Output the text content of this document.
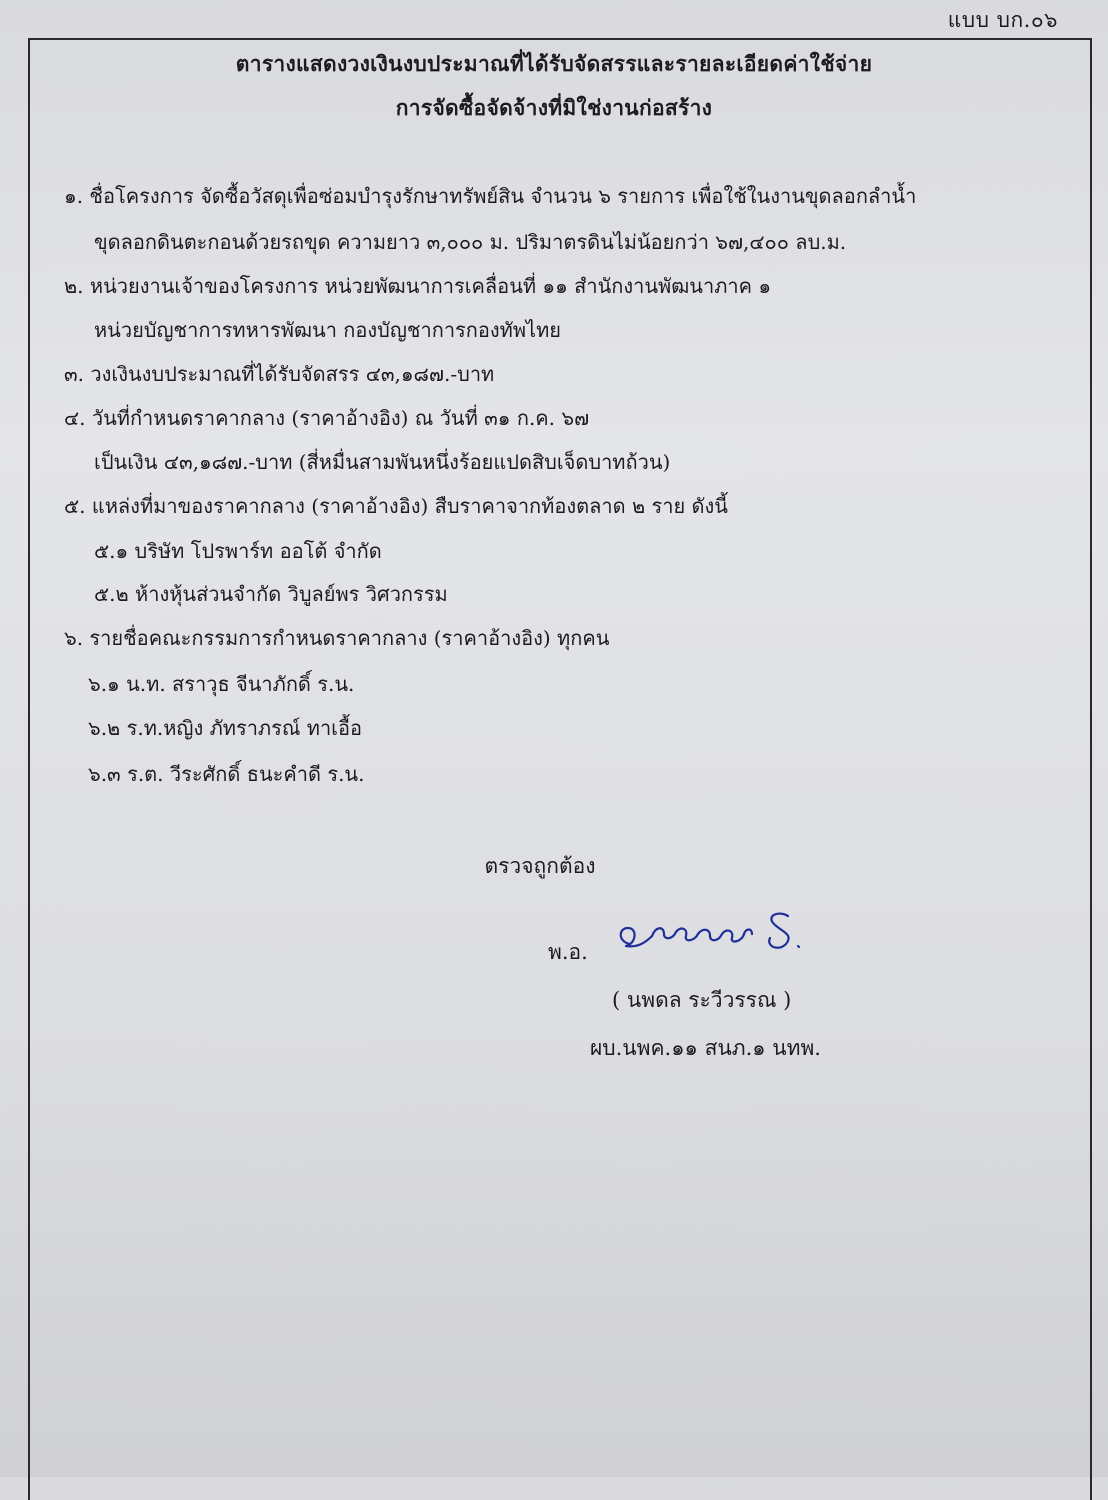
แบบ บก.๐๖
ตารางแสดงวงเงินงบประมาณที่ได้รับจัดสรรและรายละเอียดค่าใช้จ่าย
การจัดซื้อจัดจ้างที่มิใช่งานก่อสร้าง
๑. ชื่อโครงการ จัดซื้อวัสดุเพื่อซ่อมบำรุงรักษาทรัพย์สิน จำนวน ๖ รายการ เพื่อใช้ในงานขุดลอกลำน้ำ
ขุดลอกดินตะกอนด้วยรถขุด ความยาว ๓,๐๐๐ ม. ปริมาตรดินไม่น้อยกว่า ๖๗,๔๐๐ ลบ.ม.
๒. หน่วยงานเจ้าของโครงการ หน่วยพัฒนาการเคลื่อนที่ ๑๑ สำนักงานพัฒนาภาค ๑
หน่วยบัญชาการทหารพัฒนา กองบัญชาการกองทัพไทย
๓. วงเงินงบประมาณที่ได้รับจัดสรร ๔๓,๑๘๗.-บาท
๔. วันที่กำหนดราคากลาง (ราคาอ้างอิง) ณ วันที่ ๓๑ ก.ค. ๖๗
เป็นเงิน ๔๓,๑๘๗.-บาท (สี่หมื่นสามพันหนึ่งร้อยแปดสิบเจ็ดบาทถ้วน)
๕. แหล่งที่มาของราคากลาง (ราคาอ้างอิง) สืบราคาจากท้องตลาด ๒ ราย ดังนี้
๕.๑ บริษัท โปรพาร์ท ออโต้ จำกัด
๕.๒ ห้างหุ้นส่วนจำกัด วิบูลย์พร วิศวกรรม
๖. รายชื่อคณะกรรมการกำหนดราคากลาง (ราคาอ้างอิง) ทุกคน
๖.๑ น.ท. สราวุธ จีนาภักดิ์ ร.น.
๖.๒ ร.ท.หญิง ภัทราภรณ์ ทาเอื้อ
๖.๓ ร.ต. วีระศักดิ์ ธนะคำดี ร.น.
ตรวจถูกต้อง
พ.อ.
( นพดล ระวีวรรณ )
ผบ.นพค.๑๑ สนภ.๑ นทพ.
